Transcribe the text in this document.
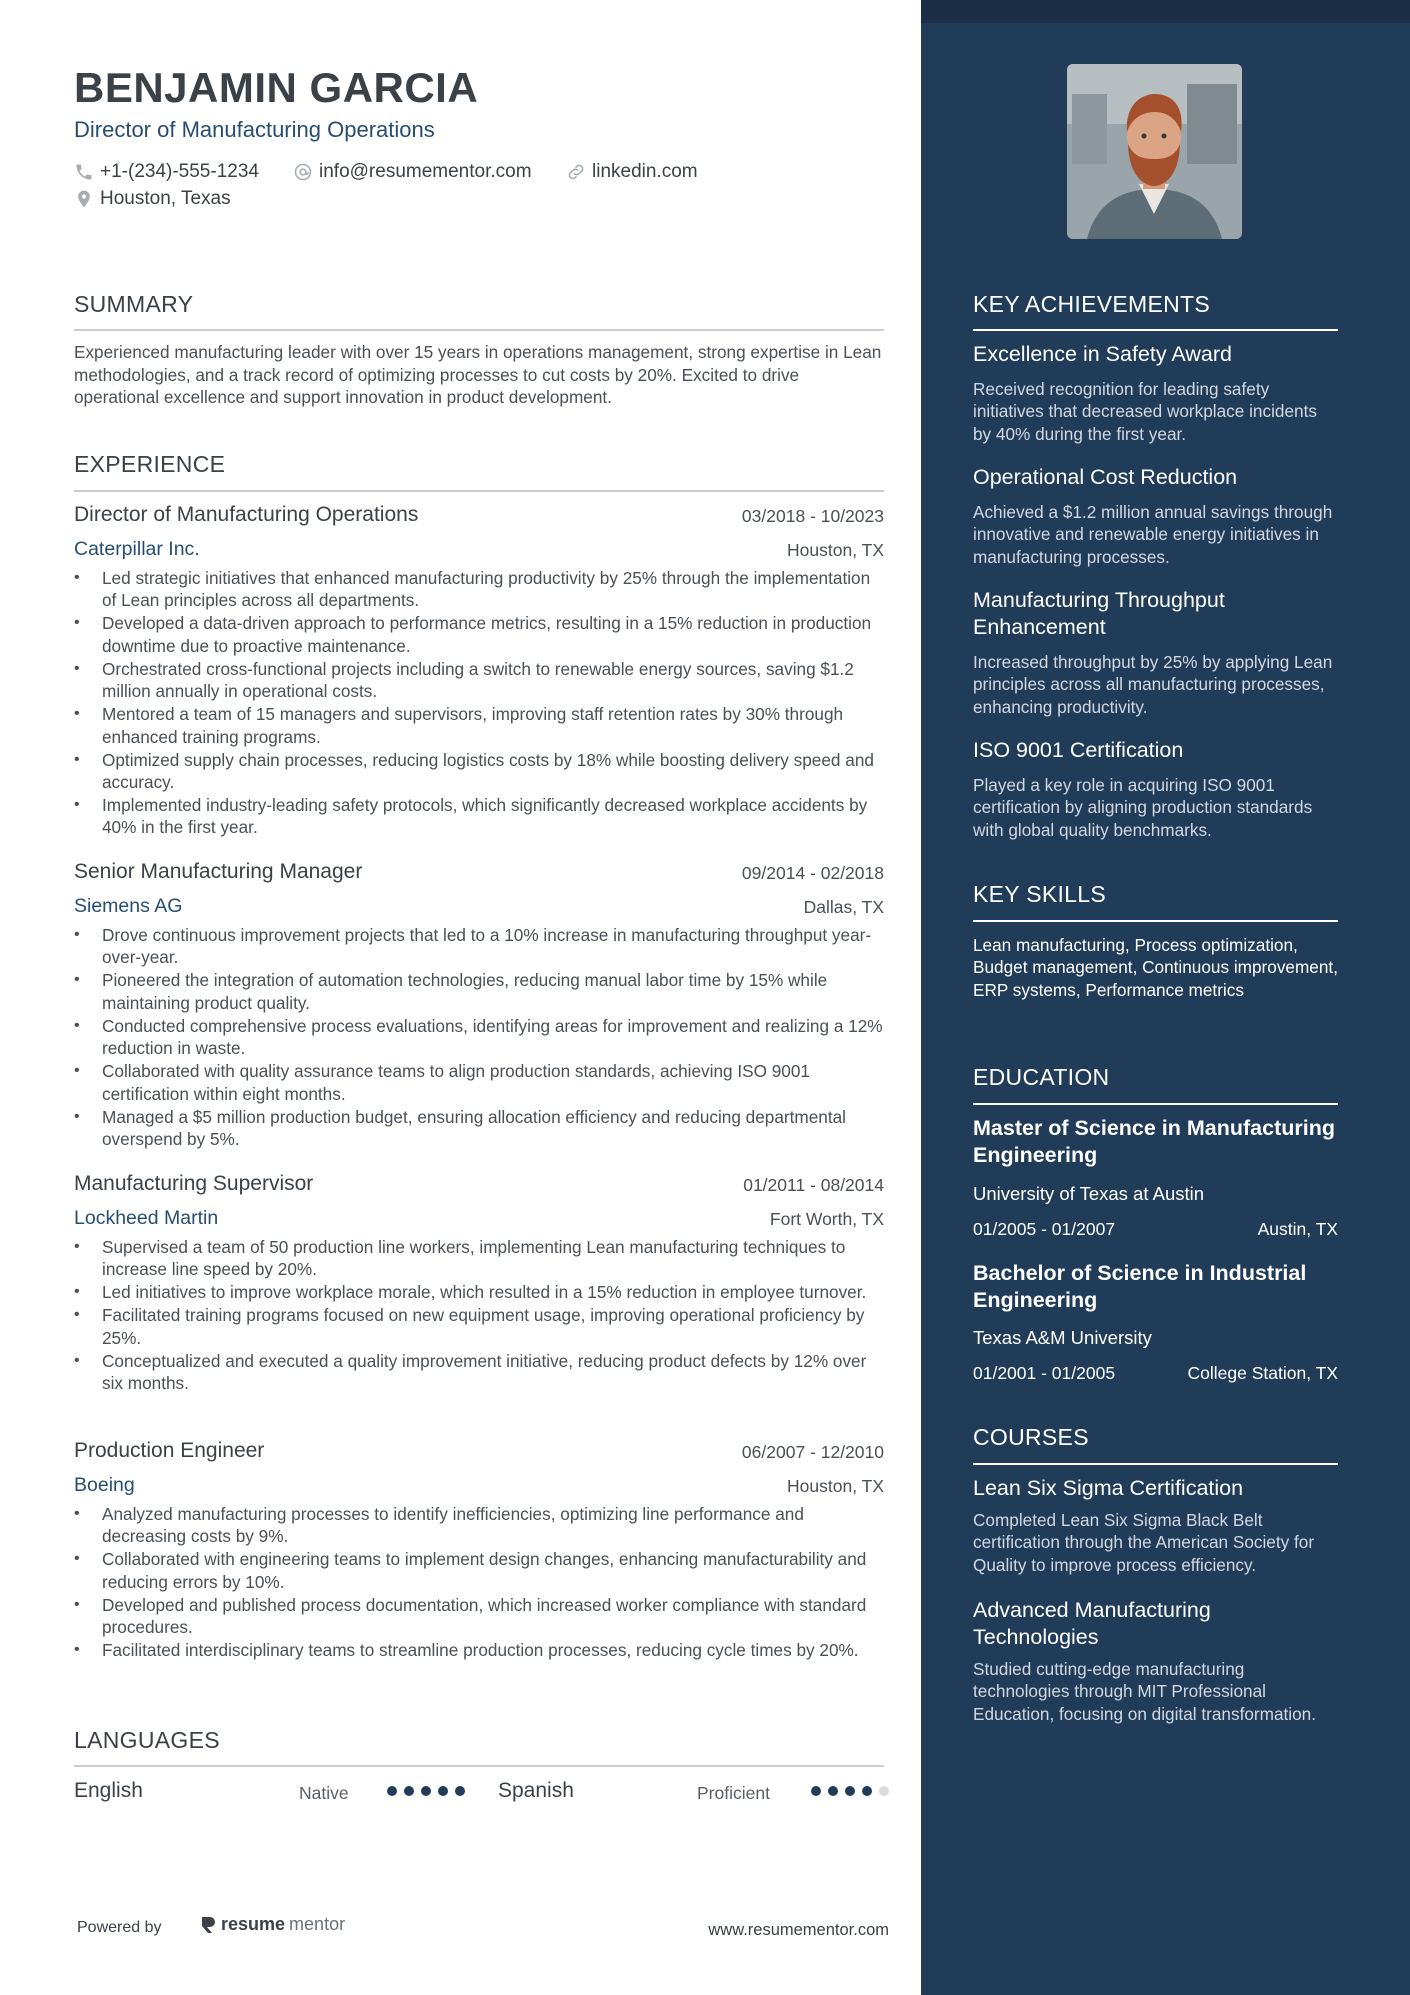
BENJAMIN GARCIA
Director of Manufacturing Operations
+1-(234)-555-1234	info@resumementor.com	linkedin.com
Houston, Texas
SUMMARY
Experienced manufacturing leader with over 15 years in operations management, strong expertise in Lean methodologies, and a track record of optimizing processes to cut costs by 20%. Excited to drive operational excellence and support innovation in product development.
EXPERIENCE
Director of Manufacturing Operations	03/2018 - 10/2023
Caterpillar Inc.	Houston, TX
• Led strategic initiatives that enhanced manufacturing productivity by 25% through the implementation of Lean principles across all departments.
• Developed a data-driven approach to performance metrics, resulting in a 15% reduction in production downtime due to proactive maintenance.
• Orchestrated cross-functional projects including a switch to renewable energy sources, saving $1.2 million annually in operational costs.
• Mentored a team of 15 managers and supervisors, improving staff retention rates by 30% through enhanced training programs.
• Optimized supply chain processes, reducing logistics costs by 18% while boosting delivery speed and accuracy.
• Implemented industry-leading safety protocols, which significantly decreased workplace accidents by 40% in the first year.
Senior Manufacturing Manager	09/2014 - 02/2018
Siemens AG	Dallas, TX
• Drove continuous improvement projects that led to a 10% increase in manufacturing throughput year-over-year.
• Pioneered the integration of automation technologies, reducing manual labor time by 15% while maintaining product quality.
• Conducted comprehensive process evaluations, identifying areas for improvement and realizing a 12% reduction in waste.
• Collaborated with quality assurance teams to align production standards, achieving ISO 9001 certification within eight months.
• Managed a $5 million production budget, ensuring allocation efficiency and reducing departmental overspend by 5%.
Manufacturing Supervisor	01/2011 - 08/2014
Lockheed Martin	Fort Worth, TX
• Supervised a team of 50 production line workers, implementing Lean manufacturing techniques to increase line speed by 20%.
• Led initiatives to improve workplace morale, which resulted in a 15% reduction in employee turnover.
• Facilitated training programs focused on new equipment usage, improving operational proficiency by 25%.
• Conceptualized and executed a quality improvement initiative, reducing product defects by 12% over six months.
Production Engineer	06/2007 - 12/2010
Boeing	Houston, TX
• Analyzed manufacturing processes to identify inefficiencies, optimizing line performance and decreasing costs by 9%.
• Collaborated with engineering teams to implement design changes, enhancing manufacturability and reducing errors by 10%.
• Developed and published process documentation, which increased worker compliance with standard procedures.
• Facilitated interdisciplinary teams to streamline production processes, reducing cycle times by 20%.
LANGUAGES
English	Native	Spanish	Proficient
Powered by	resume mentor	www.resumementor.com
KEY ACHIEVEMENTS
Excellence in Safety Award
Received recognition for leading safety initiatives that decreased workplace incidents by 40% during the first year.
Operational Cost Reduction
Achieved a $1.2 million annual savings through innovative and renewable energy initiatives in manufacturing processes.
Manufacturing Throughput Enhancement
Increased throughput by 25% by applying Lean principles across all manufacturing processes, enhancing productivity.
ISO 9001 Certification
Played a key role in acquiring ISO 9001 certification by aligning production standards with global quality benchmarks.
KEY SKILLS
Lean manufacturing, Process optimization, Budget management, Continuous improvement, ERP systems, Performance metrics
EDUCATION
Master of Science in Manufacturing Engineering
University of Texas at Austin
01/2005 - 01/2007	Austin, TX
Bachelor of Science in Industrial Engineering
Texas A&M University
01/2001 - 01/2005	College Station, TX
COURSES
Lean Six Sigma Certification
Completed Lean Six Sigma Black Belt certification through the American Society for Quality to improve process efficiency.
Advanced Manufacturing Technologies
Studied cutting-edge manufacturing technologies through MIT Professional Education, focusing on digital transformation.
